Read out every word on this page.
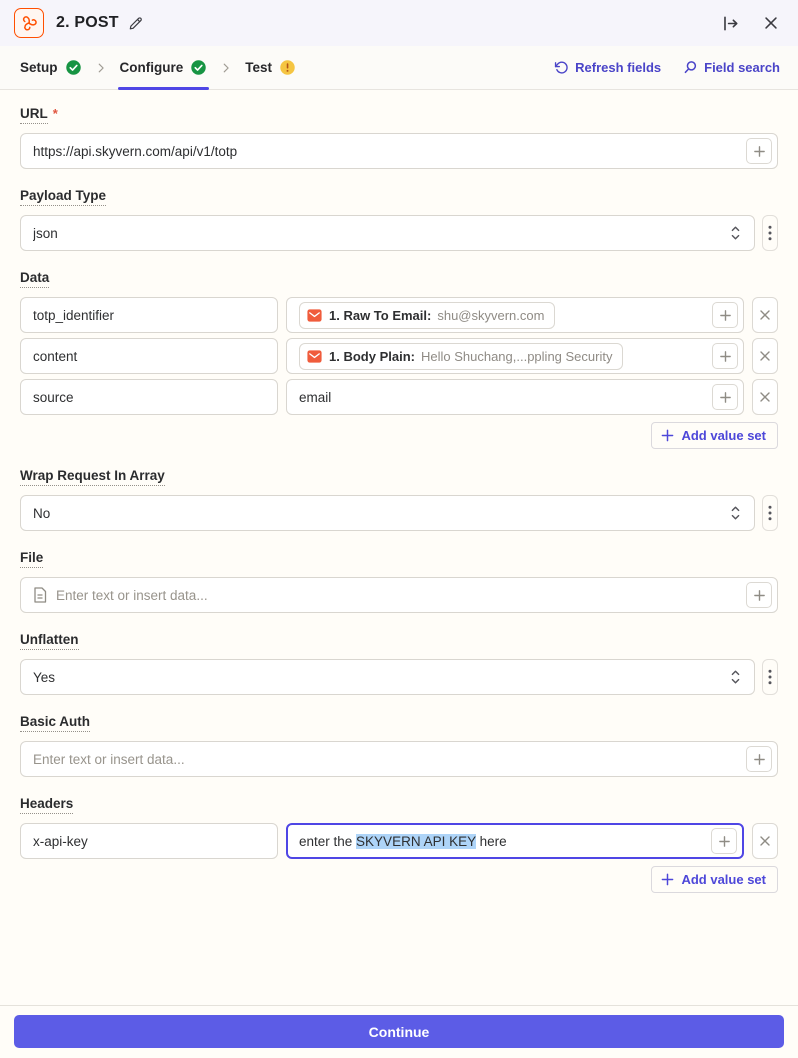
2. POST
Setup	Configure	Test	Refresh fields	Field search
URL *
https://api.skyvern.com/api/v1/totp
Payload Type
json
Data
totp_identifier	1. Raw To Email: shu@skyvern.com
content	1. Body Plain: Hello Shuchang,...ppling Security
source	email
Add value set
Wrap Request In Array
No
File
Enter text or insert data...
Unflatten
Yes
Basic Auth
Enter text or insert data...
Headers
x-api-key	enter the SKYVERN API KEY here
Add value set
Continue
